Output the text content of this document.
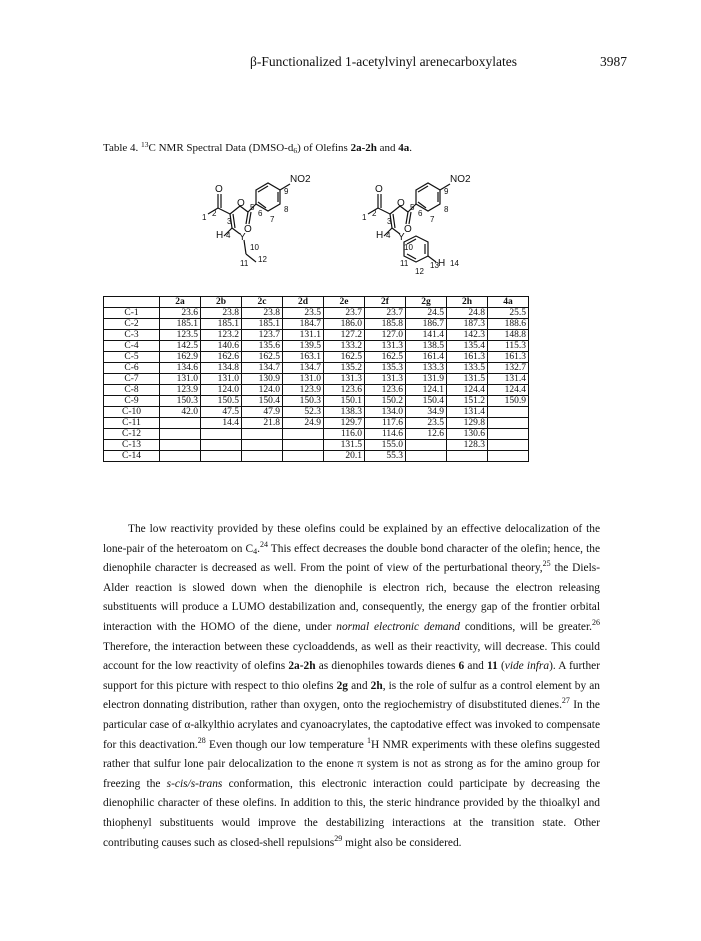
β-Functionalized 1-acetylvinyl arenecarboxylates	3987
Table 4. $^{13}$C NMR Spectral Data $(DMSO-d_6)$ of Olefins 2a-2h and 4a.
NO2
O
O
O
H Y
1 2
3
4
5
6
7
8
9
10
11 12
NO2
O
O
O
H Y
1 2
3
4
5
6
7
8
9
10
11
12
13 14
H
	2a	2b	2c	2d	2e	2f	2g	2h	4a
C-1	23.6	23.8	23.8	23.5	23.7	23.7	24.5	24.8	25.5
C-2	185.1	185.1	185.1	184.7	186.0	185.8	186.7	187.3	188.6
C-3	123.5	123.2	123.7	131.1	127.2	127.0	141.4	142.3	148.8
C-4	142.5	140.6	135.6	139.5	133.2	131.3	138.5	135.4	115.3
C-5	162.9	162.6	162.5	163.1	162.5	162.5	161.4	161.3	161.3
C-6	134.6	134.8	134.7	134.7	135.2	135.3	133.3	133.5	132.7
C-7	131.0	131.0	130.9	131.0	131.3	131.3	131.9	131.5	131.4
C-8	123.9	124.0	124.0	123.9	123.6	123.6	124.1	124.4	124.4
C-9	150.3	150.5	150.4	150.3	150.1	150.2	150.4	151.2	150.9
C-10	42.0	47.5	47.9	52.3	138.3	134.0	34.9	131.4	
C-11		14.4	21.8	24.9	129.7	117.6	23.5	129.8	
C-12					116.0	114.6	12.6	130.6	
C-13					131.5	155.0		128.3	
C-14					20.1	55.3			
The low reactivity provided by these olefins could be explained by an effective delocalization of the lone-pair of the heteroatom on $C_4.^{24}$ This effect decreases the double bond character of the olefin; hence, the dienophile character is decreased as well. From the point of view of the perturbational theory,$^{25}$ the Diels-Alder reaction is slowed down when the dienophile is electron rich, because the electron releasing substituents will produce a LUMO destabilization and, consequently, the energy gap of the frontier orbital interaction with the HOMO of the diene, under normal electronic demand conditions, will be greater.$^{26}$ Therefore, the interaction between these cycloaddends, as well as their reactivity, will decrease. This could account for the low reactivity of olefins 2a-2h as dienophiles towards dienes 6 and 11 (vide infra). A further support for this picture with respect to thio olefins 2g and 2h, is the role of sulfur as a control element by an electron donnating distribution, rather than oxygen, onto the regiochemistry of disubstituted dienes.$^{27}$ In the particular case of α-alkylthio acrylates and cyanoacrylates, the captodative effect was invoked to compensate for this deactivation.$^{28}$ Even though our low temperature $^1$H NMR experiments with these olefins suggested rather that sulfur lone pair delocalization to the enone π system is not as strong as for the amino group for freezing the s-cis/s-trans conformation, this electronic interaction could participate by decreasing the dienophilic character of these olefins. In addition to this, the steric hindrance provided by the thioalkyl and thiophenyl substituents would improve the destabilizing interactions at the transition state. Other contributing causes such as closed-shell repulsions$^{29}$ might also be considered.
